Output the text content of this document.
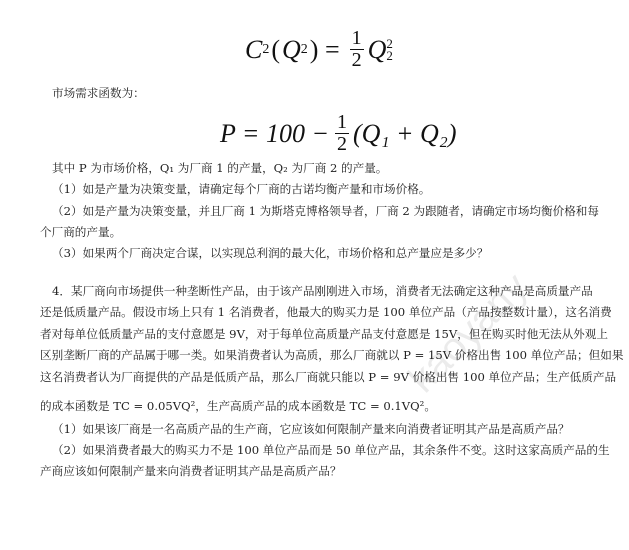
C 2 ( Q 2 ) = $\frac{1}{2}$ Q 2
2
市场需求函数为：
$P = 100 - \frac{1}{2} (Q_1 + Q_2)$
其中 P 为市场价格，Q₁ 为厂商 1 的产量，Q₂ 为厂商 2 的产量。
（1）如是产量为决策变量，请确定每个厂商的古诺均衡产量和市场价格。
（2）如是产量为决策变量，并且厂商 1 为斯塔克博格领导者，厂商 2 为跟随者，请确定市场均衡价格和每
个厂商的产量。
（3）如果两个厂商决定合谋，以实现总利润的最大化，市场价格和总产量应是多少？
4．某厂商向市场提供一种垄断性产品，由于该产品刚刚进入市场，消费者无法确定这种产品是高质量产品
还是低质量产品。假设市场上只有 1 名消费者，他最大的购买力是 100 单位产品（产品按整数计量），这名消费
者对每单位低质量产品的支付意愿是 9V，对于每单位高质量产品支付意愿是 15V，但在购买时他无法从外观上
区别垄断厂商的产品属于哪一类。如果消费者认为高质，那么厂商就以 P = 15V 价格出售 100 单位产品；但如果
这名消费者认为厂商提供的产品是低质产品，那么厂商就只能以 P = 9V 价格出售 100 单位产品；生产低质产品
的成本函数是 TC = 0.05VQ²，生产高质产品的成本函数是 TC = 0.1VQ²。
（1）如果该厂商是一名高质产品的生产商，它应该如何限制产量来向消费者证明其产品是高质产品？
（2）如果消费者最大的购买力不是 100 单位产品而是 50 单位产品，其余条件不变。这时这家高质产品的生
产商应该如何限制产量来向消费者证明其产品是高质产品？
kaoyany
